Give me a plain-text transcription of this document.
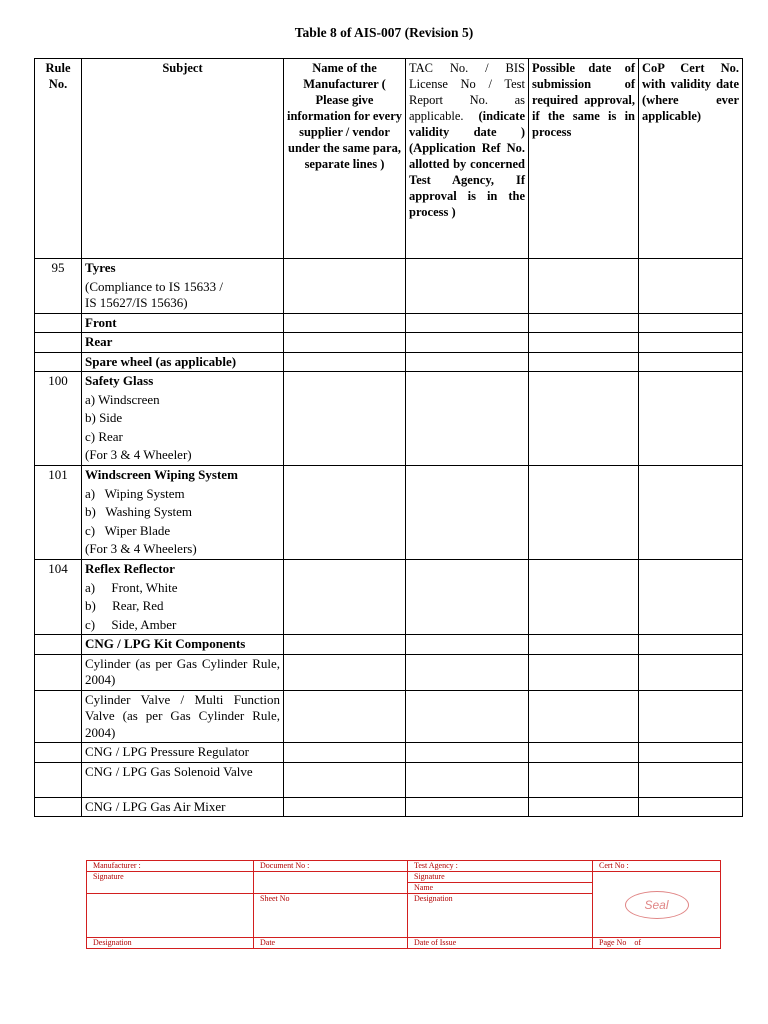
Table 8 of AIS-007 (Revision 5)
Rule No.	Subject	Name of the Manufacturer ( Please give information for every supplier / vendor under the same para, separate lines )	TAC No. / BIS License No / Test Report No. as applicable. (indicate validity date ) (Application Ref No. allotted by concerned Test Agency, If approval is in the process )	Possible date of submission of required approval, if the same is in process	CoP Cert No. with validity date (where ever applicable)
95	Tyres
(Compliance to IS 15633 /
IS 15627/IS 15636)				

	Front				
	Rear				
	Spare wheel (as applicable)				
100	Safety Glass
a) Windscreen
b) Side
c) Rear
(For 3 & 4 Wheeler)				

101	Windscreen Wiping System
a)   Wiping System
b)   Washing System
c)   Wiper Blade
(For 3 & 4 Wheelers)				

104	Reflex Reflector
a)     Front, White
b)     Rear, Red
c)     Side, Amber				

	CNG / LPG Kit Components				
	Cylinder (as per Gas Cylinder Rule, 2004)				
	Cylinder Valve / Multi Function Valve (as per Gas Cylinder Rule, 2004)				
	CNG / LPG Pressure Regulator				
	CNG / LPG Gas Solenoid Valve				
	CNG / LPG Gas Air Mixer				
Manufacturer :	Document No :	Test Agency :	Cert No :
Signature		Signature	Seal
		Name	
	Sheet No	Designation	
Designation	Date	Date of Issue	Page No    of
